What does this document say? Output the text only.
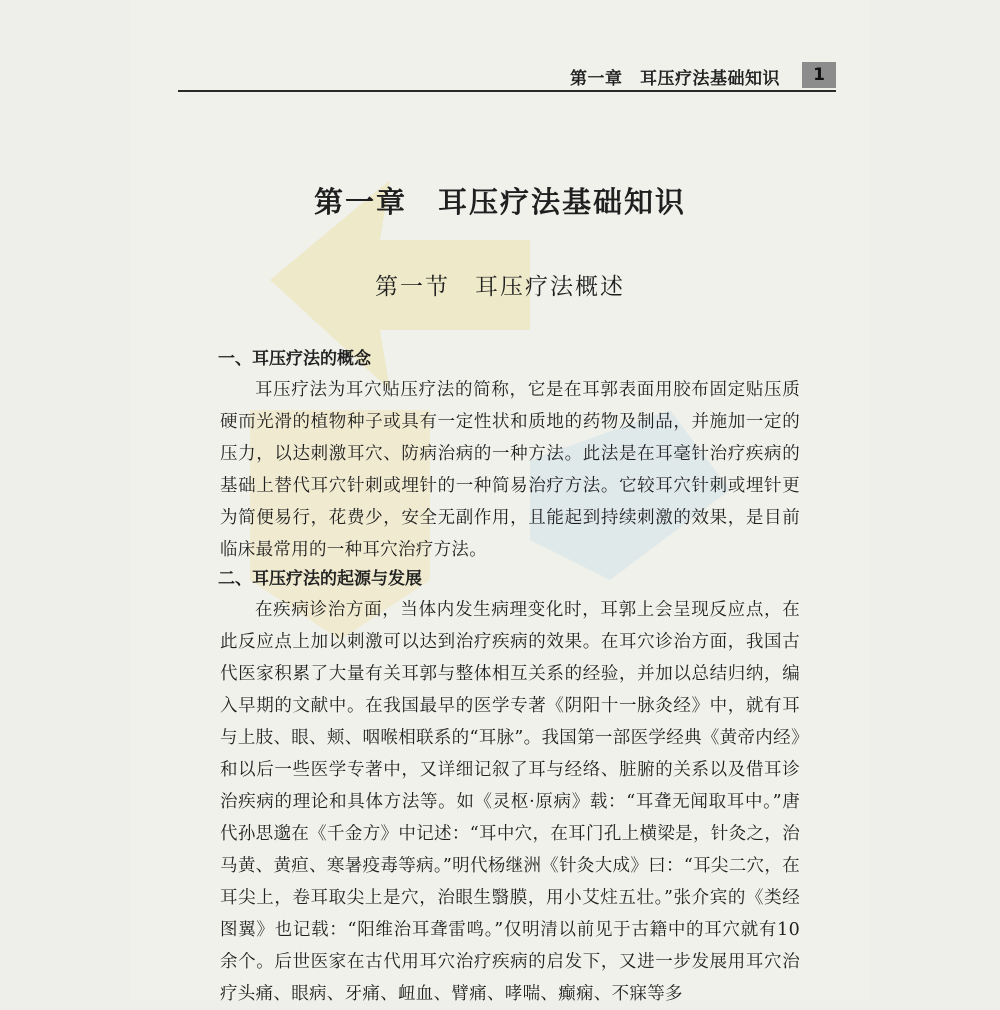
第一章　耳压疗法基础知识	1
第一章　耳压疗法基础知识
第一节　耳压疗法概述
一、耳压疗法的概念
耳压疗法为耳穴贴压疗法的简称，它是在耳郭表面用胶布固定贴压质硬而光滑的植物种子或具有一定性状和质地的药物及制品，并施加一定的压力，以达刺激耳穴、防病治病的一种方法。此法是在耳毫针治疗疾病的基础上替代耳穴针刺或埋针的一种简易治疗方法。它较耳穴针刺或埋针更为简便易行，花费少，安全无副作用，且能起到持续刺激的效果，是目前临床最常用的一种耳穴治疗方法。
二、耳压疗法的起源与发展
在疾病诊治方面，当体内发生病理变化时，耳郭上会呈现反应点，在此反应点上加以刺激可以达到治疗疾病的效果。在耳穴诊治方面，我国古代医家积累了大量有关耳郭与整体相互关系的经验，并加以总结归纳，编入早期的文献中。在我国最早的医学专著《阴阳十一脉灸经》中，就有耳与上肢、眼、颊、咽喉相联系的“耳脉”。我国第一部医学经典《黄帝内经》和以后一些医学专著中，又详细记叙了耳与经络、脏腑的关系以及借耳诊治疾病的理论和具体方法等。如《灵枢·原病》载：“耳聋无闻取耳中。”唐代孙思邈在《千金方》中记述：“耳中穴，在耳门孔上横梁是，针灸之，治马黄、黄疸、寒暑疫毒等病。”明代杨继洲《针灸大成》曰：“耳尖二穴，在耳尖上，卷耳取尖上是穴，治眼生翳膜，用小艾炷五壮。”张介宾的《类经图翼》也记载：“阳维治耳聋雷鸣。”仅明清以前见于古籍中的耳穴就有10余个。后世医家在古代用耳穴治疗疾病的启发下，又进一步发展用耳穴治疗头痛、眼病、牙痛、衄血、臂痛、哮喘、癫痫、不寐等多
